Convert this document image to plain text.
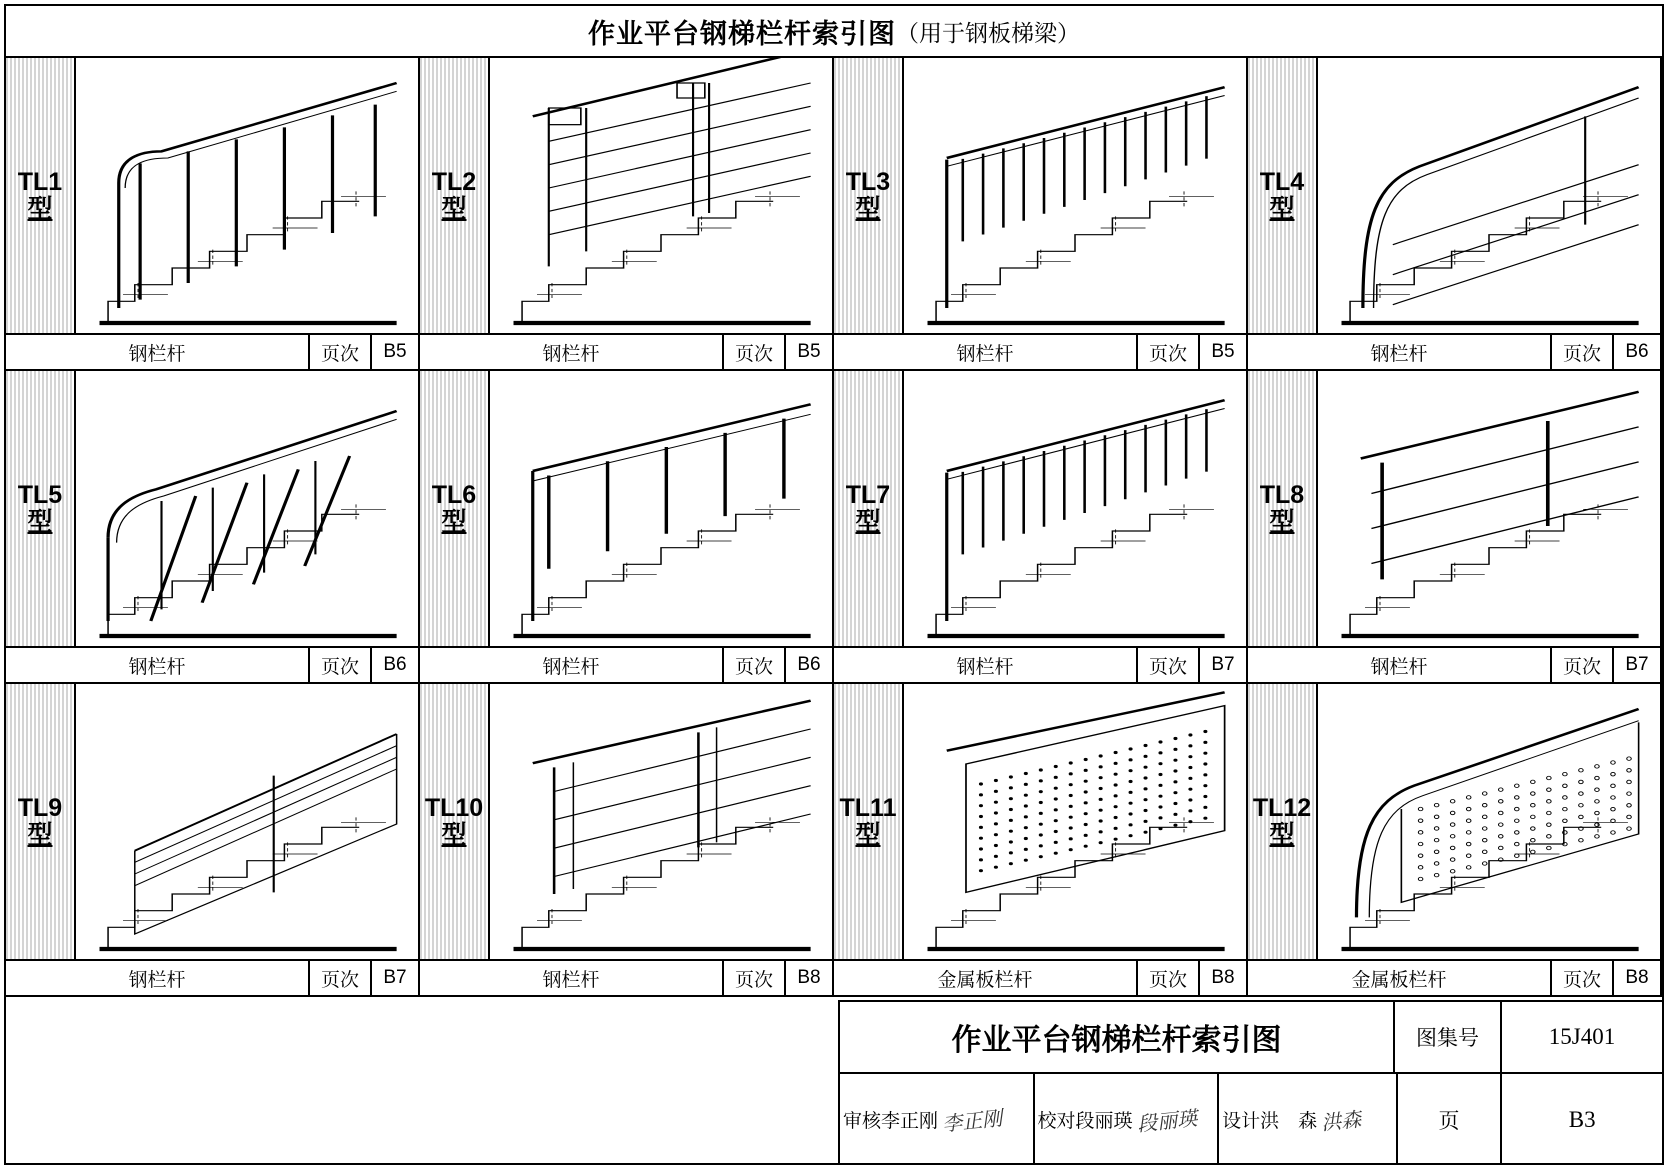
作业平台钢梯栏杆索引图 （用于钢板梯梁）
TL1
型
钢栏杆	页次	B5
TL2
型
钢栏杆	页次	B5
TL3
型
钢栏杆	页次	B5
TL4
型
钢栏杆	页次	B6
TL5
型
钢栏杆	页次	B6
TL6
型
钢栏杆	页次	B6
TL7
型
钢栏杆	页次	B7
TL8
型
钢栏杆	页次	B7
TL9
型
钢栏杆	页次	B7
TL10
型
钢栏杆	页次	B8
TL11
型
金属板栏杆	页次	B8
TL12
型
金属板栏杆	页次	B8
作业平台钢梯栏杆索引图	图集号	15J401
审核 李正刚 李正刚 校对 段丽瑛 段丽瑛 设计 洪　森 洪森	页	B3
